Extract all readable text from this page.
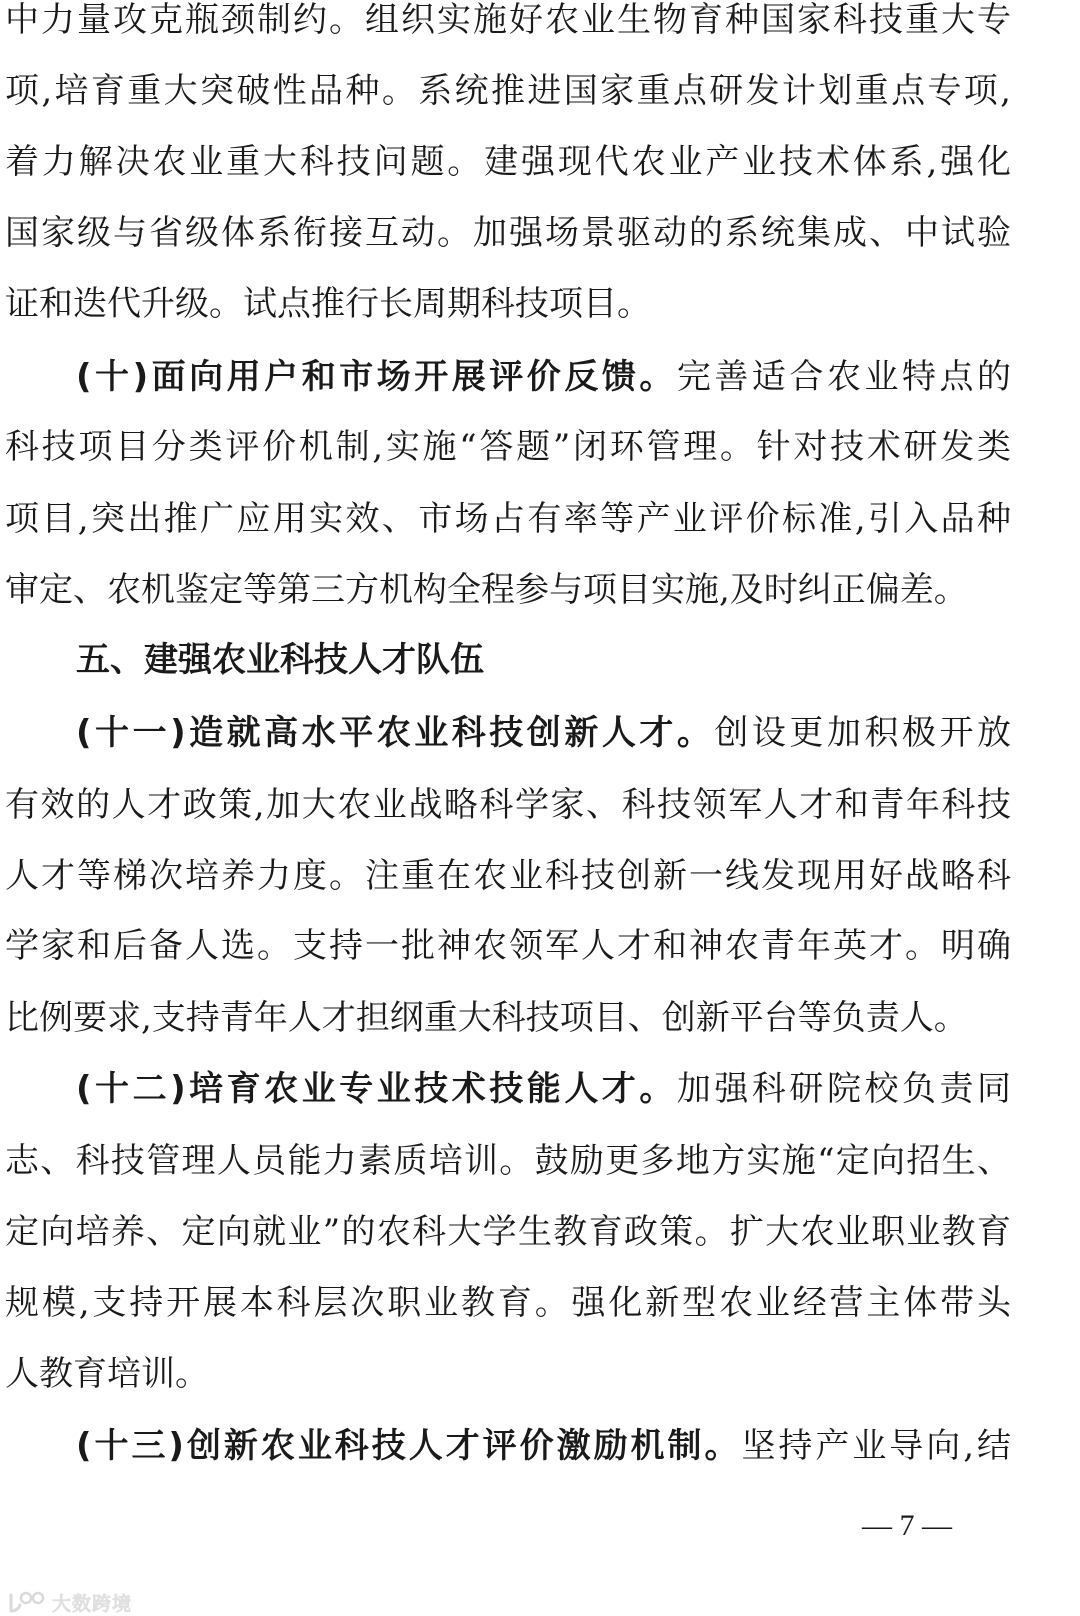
中力量攻克瓶颈制约。组织实施好农业生物育种国家科技重大专
项,培育重大突破性品种。系统推进国家重点研发计划重点专项,
着力解决农业重大科技问题。建强现代农业产业技术体系,强化
国家级与省级体系衔接互动。加强场景驱动的系统集成、中试验
证和迭代升级。试点推行长周期科技项目。
(十)面向用户和市场开展评价反馈。完善适合农业特点的
科技项目分类评价机制,实施“答题”闭环管理。针对技术研发类
项目,突出推广应用实效、市场占有率等产业评价标准,引入品种
审定、农机鉴定等第三方机构全程参与项目实施,及时纠正偏差。
五、建强农业科技人才队伍
(十一)造就高水平农业科技创新人才。创设更加积极开放
有效的人才政策,加大农业战略科学家、科技领军人才和青年科技
人才等梯次培养力度。注重在农业科技创新一线发现用好战略科
学家和后备人选。支持一批神农领军人才和神农青年英才。明确
比例要求,支持青年人才担纲重大科技项目、创新平台等负责人。
(十二)培育农业专业技术技能人才。加强科研院校负责同
志、科技管理人员能力素质培训。鼓励更多地方实施“定向招生、
定向培养、定向就业”的农科大学生教育政策。扩大农业职业教育
规模,支持开展本科层次职业教育。强化新型农业经营主体带头
人教育培训。
(十三)创新农业科技人才评价激励机制。坚持产业导向,结
— 7 —
大数跨境
